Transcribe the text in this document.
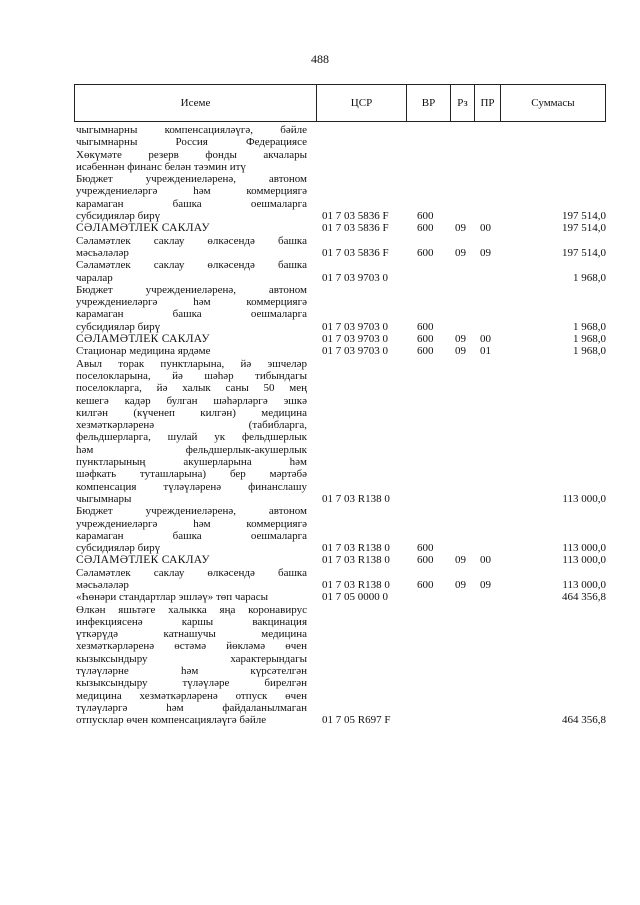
488
Исеме	ЦСР	ВР	Рз	ПР	Суммасы
чыгымнарны компенсацияләүгә, бәйле
чыгымнарны Россия Федерациясе
Хөкүмәте резерв фонды акчалары
исәбеннән финанс белән тәэмин итү
Бюджет учреждениеләренә, автоном
учреждениеләргә һәм коммерциягә
карамаган башка оешмаларга
субсидияләр бирү	01 7 03 5836 F	600	197 514,0
СӘЛАМӘТЛЕК САКЛАУ	01 7 03 5836 F	600 09 00	197 514,0
Сәламәтлек саклау өлкәсендә башка
мәсьәләләр	01 7 03 5836 F	600 09 09	197 514,0
Сәламәтлек саклау өлкәсендә башка
чаралар	01 7 03 9703 0	1 968,0
Бюджет учреждениеләренә, автоном
учреждениеләргә һәм коммерциягә
карамаган башка оешмаларга
субсидияләр бирү	01 7 03 9703 0	600	1 968,0
СӘЛАМӘТЛЕК САКЛАУ	01 7 03 9703 0	600 09 00	1 968,0
Стационар медицина ярдәме	01 7 03 9703 0	600 09 01	1 968,0
Авыл торак пунктларына, йә эшчеләр
поселокларына, йә шәһәр тибындагы
поселокларга, йә халык саны 50 мең
кешегә кадәр булган шәһәрләргә эшкә
килгән (күченеп килгән) медицина
хезмәткәрләренә (табибларга,
фельдшерларга, шулай ук фельдшерлык
һәм фельдшерлык-акушерлык
пунктларының акушерларына һәм
шәфкать туташларына) бер мәртәбә
компенсация түләүләренә финанслашу
чыгымнары	01 7 03 R138 0	113 000,0
Бюджет учреждениеләренә, автоном
учреждениеләргә һәм коммерциягә
карамаган башка оешмаларга
субсидияләр бирү	01 7 03 R138 0 600	113 000,0
СӘЛАМӘТЛЕК САКЛАУ	01 7 03 R138 0 600 09 00	113 000,0
Сәламәтлек саклау өлкәсендә башка
мәсьәләләр	01 7 03 R138 0 600 09 09	113 000,0
«Һөнәри стандартлар эшләү» төп чарасы	01 7 05 0000 0	464 356,8
Өлкән яшьтәге халыкка яңа коронавирус
инфекциясенә каршы вакцинация
үткәрүдә катнашучы медицина
хезмәткәрләренә өстәмә йөкләмә өчен
кызыксындыру характерындагы
түләүләрне һәм күрсәтелгән
кызыксындыру түләүләре бирелгән
медицина хезмәткәрләренә отпуск өчен
түләүләргә һәм файдаланылмаган
отпусклар өчен компенсацияләүгә бәйле	01 7 05 R697 F	464 356,8
